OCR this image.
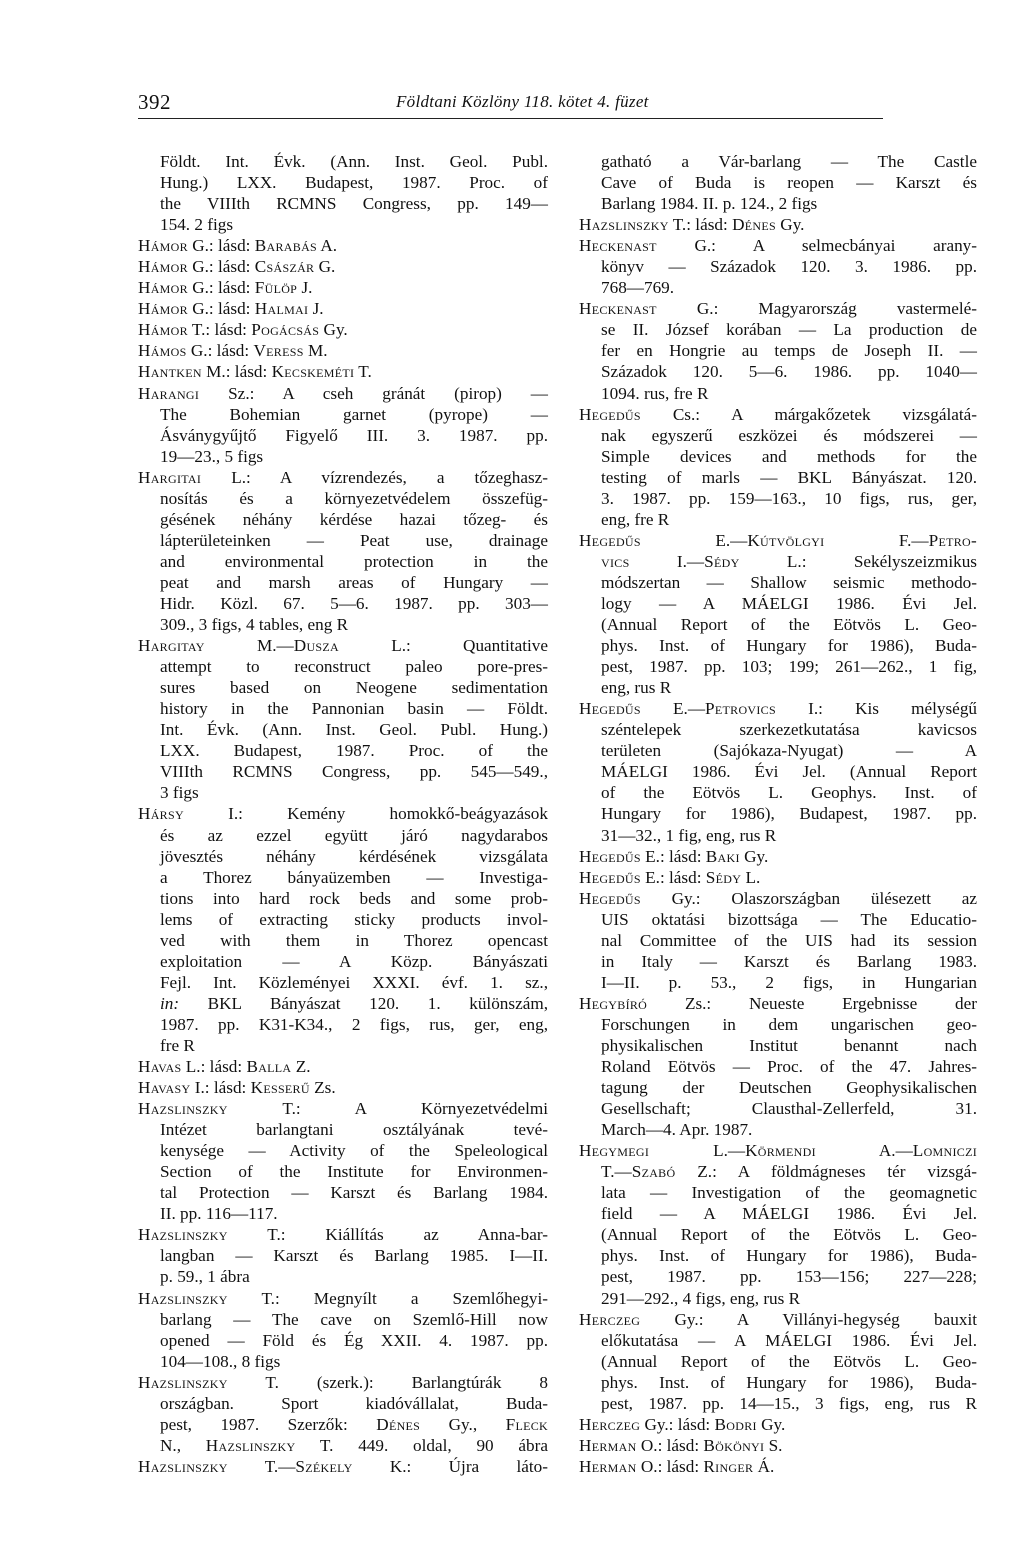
392	Földtani Közlöny 118. kötet 4. füzet
Földt. Int. Évk. (Ann. Inst. Geol. Publ.
Hung.) LXX. Budapest, 1987. Proc. of
the VIIIth RCMNS Congress, pp. 149—
154. 2 figs
Hámor G.: lásd: Barabás A.
Hámor G.: lásd: Császár G.
Hámor G.: lásd: Fülöp J.
Hámor G.: lásd: Halmai J.
Hámor T.: lásd: Pogácsás Gy.
Hámos G.: lásd: Veress M.
Hantken M.: lásd: Kecskeméti T.
Harangi Sz.: A cseh gránát (pirop) —
The Bohemian garnet (pyrope) —
Ásványgyűjtő Figyelő III. 3. 1987. pp.
19—23., 5 figs
Hargitai L.: A vízrendezés, a tőzeghasz-
nosítás és a környezetvédelem összefüg-
gésének néhány kérdése hazai tőzeg- és
lápterületeinken — Peat use, drainage
and environmental protection in the
peat and marsh areas of Hungary —
Hidr. Közl. 67. 5—6. 1987. pp. 303—
309., 3 figs, 4 tables, eng R
Hargitay M.—Dusza L.: Quantitative
attempt to reconstruct paleo pore-pres-
sures based on Neogene sedimentation
history in the Pannonian basin — Földt.
Int. Évk. (Ann. Inst. Geol. Publ. Hung.)
LXX. Budapest, 1987. Proc. of the
VIIIth RCMNS Congress, pp. 545—549.,
3 figs
Hársy I.: Kemény homokkő-beágyazások
és az ezzel együtt járó nagydarabos
jövesztés néhány kérdésének vizsgálata
a Thorez bányaüzemben — Investiga-
tions into hard rock beds and some prob-
lems of extracting sticky products invol-
ved with them in Thorez opencast
exploitation — A Közp. Bányászati
Fejl. Int. Közleményei XXXI. évf. 1. sz.,
in: BKL Bányászat 120. 1. különszám,
1987. pp. K31-K34., 2 figs, rus, ger, eng,
fre R
Havas L.: lásd: Balla Z.
Havasy I.: lásd: Kesserű Zs.
Hazslinszky T.: A Környezetvédelmi
Intézet barlangtani osztályának tevé-
kenysége — Activity of the Speleological
Section of the Institute for Environmen-
tal Protection — Karszt és Barlang 1984.
II. pp. 116—117.
Hazslinszky T.: Kiállítás az Anna-bar-
langban — Karszt és Barlang 1985. I—II.
p. 59., 1 ábra
Hazslinszky T.: Megnyílt a Szemlőhegyi-
barlang — The cave on Szemlő-Hill now
opened — Föld és Ég XXII. 4. 1987. pp.
104—108., 8 figs
Hazslinszky T. (szerk.): Barlangtúrák 8
országban. Sport kiadóvállalat, Buda-
pest, 1987. Szerzők: Dénes Gy., Fleck
N., Hazslinszky T. 449. oldal, 90 ábra
Hazslinszky T.—Székely K.: Újra láto-
gatható a Vár-barlang — The Castle
Cave of Buda is reopen — Karszt és
Barlang 1984. II. p. 124., 2 figs
Hazslinszky T.: lásd: Dénes Gy.
Heckenast G.: A selmecbányai arany-
könyv — Századok 120. 3. 1986. pp.
768—769.
Heckenast G.: Magyarország vastermelé-
se II. József korában — La production de
fer en Hongrie au temps de Joseph II. —
Századok 120. 5—6. 1986. pp. 1040—
1094. rus, fre R
Hegedűs Cs.: A márgakőzetek vizsgálatá-
nak egyszerű eszközei és módszerei —
Simple devices and methods for the
testing of marls — BKL Bányászat. 120.
3. 1987. pp. 159—163., 10 figs, rus, ger,
eng, fre R
Hegedűs E.—Kútvölgyi F.—Petro-
vics I.—Sédy L.: Sekélyszeizmikus
módszertan — Shallow seismic methodo-
logy — A MÁELGI 1986. Évi Jel.
(Annual Report of the Eötvös L. Geo-
phys. Inst. of Hungary for 1986), Buda-
pest, 1987. pp. 103; 199; 261—262., 1 fig,
eng, rus R
Hegedűs E.—Petrovics I.: Kis mélységű
széntelepek szerkezetkutatása kavicsos
területen (Sajókaza-Nyugat) — A
MÁELGI 1986. Évi Jel. (Annual Report
of the Eötvös L. Geophys. Inst. of
Hungary for 1986), Budapest, 1987. pp.
31—32., 1 fig, eng, rus R
Hegedűs E.: lásd: Baki Gy.
Hegedűs E.: lásd: Sédy L.
Hegedűs Gy.: Olaszországban ülésezett az
UIS oktatási bizottsága — The Educatio-
nal Committee of the UIS had its session
in Italy — Karszt és Barlang 1983.
I—II. p. 53., 2 figs, in Hungarian
Hegybíró Zs.: Neueste Ergebnisse der
Forschungen in dem ungarischen geo-
physikalischen Institut benannt nach
Roland Eötvös — Proc. of the 47. Jahres-
tagung der Deutschen Geophysikalischen
Gesellschaft; Clausthal-Zellerfeld, 31.
March—4. Apr. 1987.
Hegymegi L.—Körmendi A.—Lomniczi
T.—Szabó Z.: A földmágneses tér vizsgá-
lata — Investigation of the geomagnetic
field — A MÁELGI 1986. Évi Jel.
(Annual Report of the Eötvös L. Geo-
phys. Inst. of Hungary for 1986), Buda-
pest, 1987. pp. 153—156; 227—228;
291—292., 4 figs, eng, rus R
Herczeg Gy.: A Villányi-hegység bauxit
előkutatása — A MÁELGI 1986. Évi Jel.
(Annual Report of the Eötvös L. Geo-
phys. Inst. of Hungary for 1986), Buda-
pest, 1987. pp. 14—15., 3 figs, eng, rus R
Herczeg Gy.: lásd: Bodri Gy.
Herman O.: lásd: Bökönyi S.
Herman O.: lásd: Ringer Á.
